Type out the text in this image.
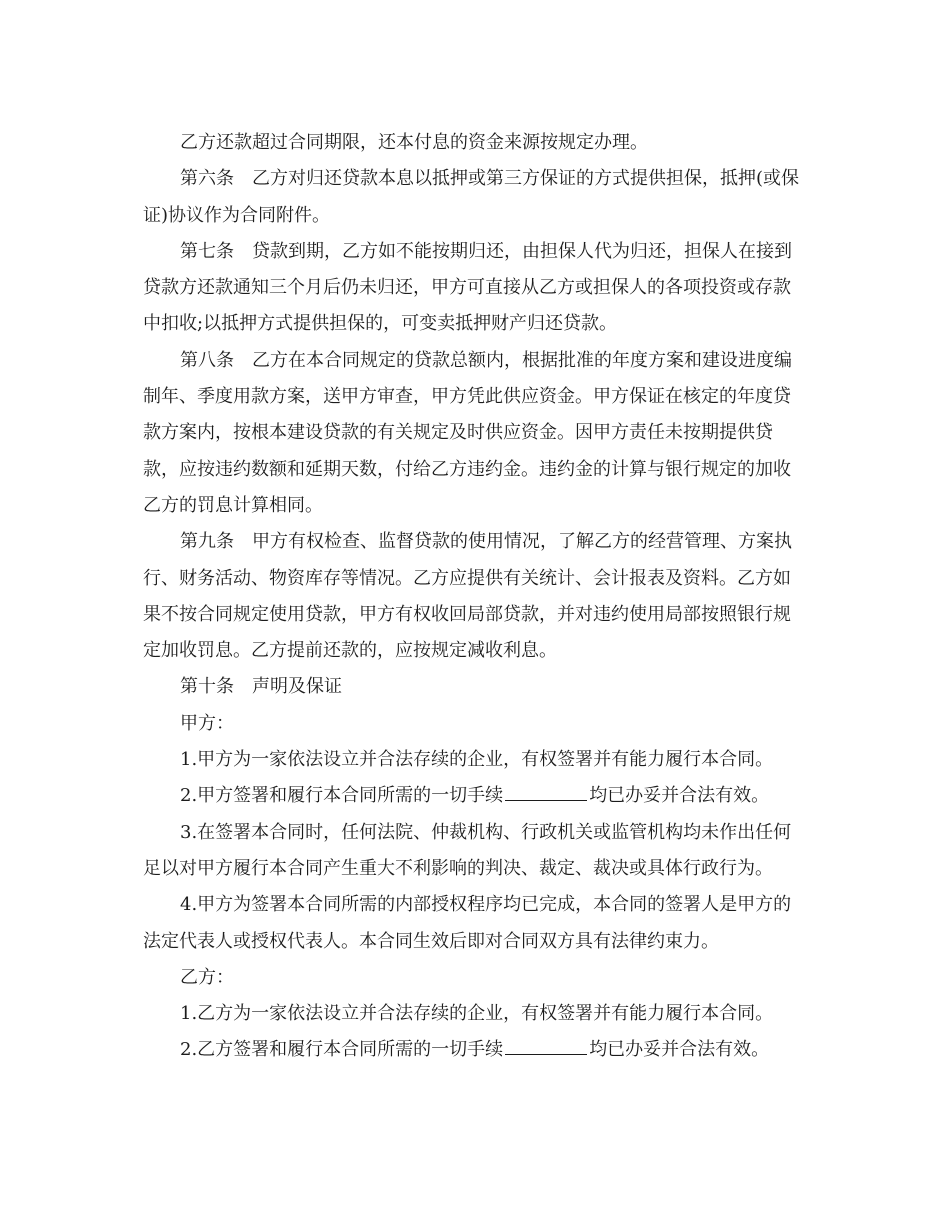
乙方还款超过合同期限，还本付息的资金来源按规定办理。

第六条　乙方对归还贷款本息以抵押或第三方保证的方式提供担保，抵押(或保证)协议作为合同附件。

第七条　贷款到期，乙方如不能按期归还，由担保人代为归还，担保人在接到贷款方还款通知三个月后仍未归还，甲方可直接从乙方或担保人的各项投资或存款中扣收;以抵押方式提供担保的，可变卖抵押财产归还贷款。

第八条　乙方在本合同规定的贷款总额内，根据批准的年度方案和建设进度编制年、季度用款方案，送甲方审查，甲方凭此供应资金。甲方保证在核定的年度贷款方案内，按根本建设贷款的有关规定及时供应资金。因甲方责任未按期提供贷款，应按违约数额和延期天数，付给乙方违约金。违约金的计算与银行规定的加收乙方的罚息计算相同。

第九条　甲方有权检查、监督贷款的使用情况，了解乙方的经营管理、方案执行、财务活动、物资库存等情况。乙方应提供有关统计、会计报表及资料。乙方如果不按合同规定使用贷款，甲方有权收回局部贷款，并对违约使用局部按照银行规定加收罚息。乙方提前还款的，应按规定减收利息。

第十条　声明及保证

甲方：

1.甲方为一家依法设立并合法存续的企业，有权签署并有能力履行本合同。

2.甲方签署和履行本合同所需的一切手续	均已办妥并合法有效。

3.在签署本合同时，任何法院、仲裁机构、行政机关或监管机构均未作出任何足以对甲方履行本合同产生重大不利影响的判决、裁定、裁决或具体行政行为。

4.甲方为签署本合同所需的内部授权程序均已完成，本合同的签署人是甲方的法定代表人或授权代表人。本合同生效后即对合同双方具有法律约束力。

乙方：

1.乙方为一家依法设立并合法存续的企业，有权签署并有能力履行本合同。

2.乙方签署和履行本合同所需的一切手续	均已办妥并合法有效。
